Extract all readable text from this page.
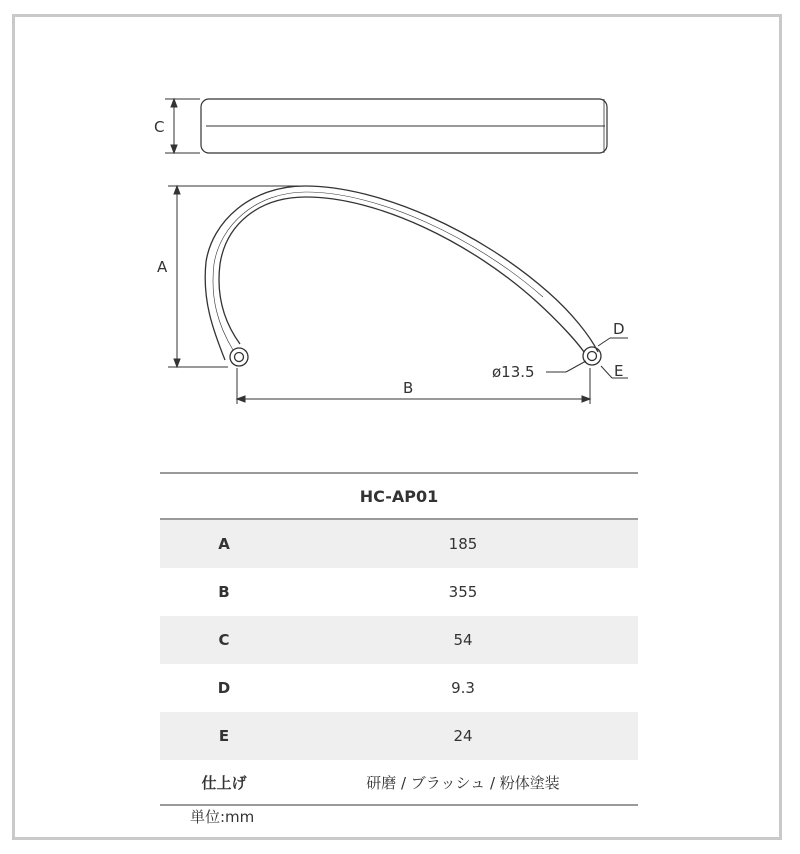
C
A
B
ø13.5
D
E
HC-AP01	
A	185
B	355
C	54
D	9.3
E	24
仕上げ	研磨 / ブラッシュ / 粉体塗装
単位:mm
